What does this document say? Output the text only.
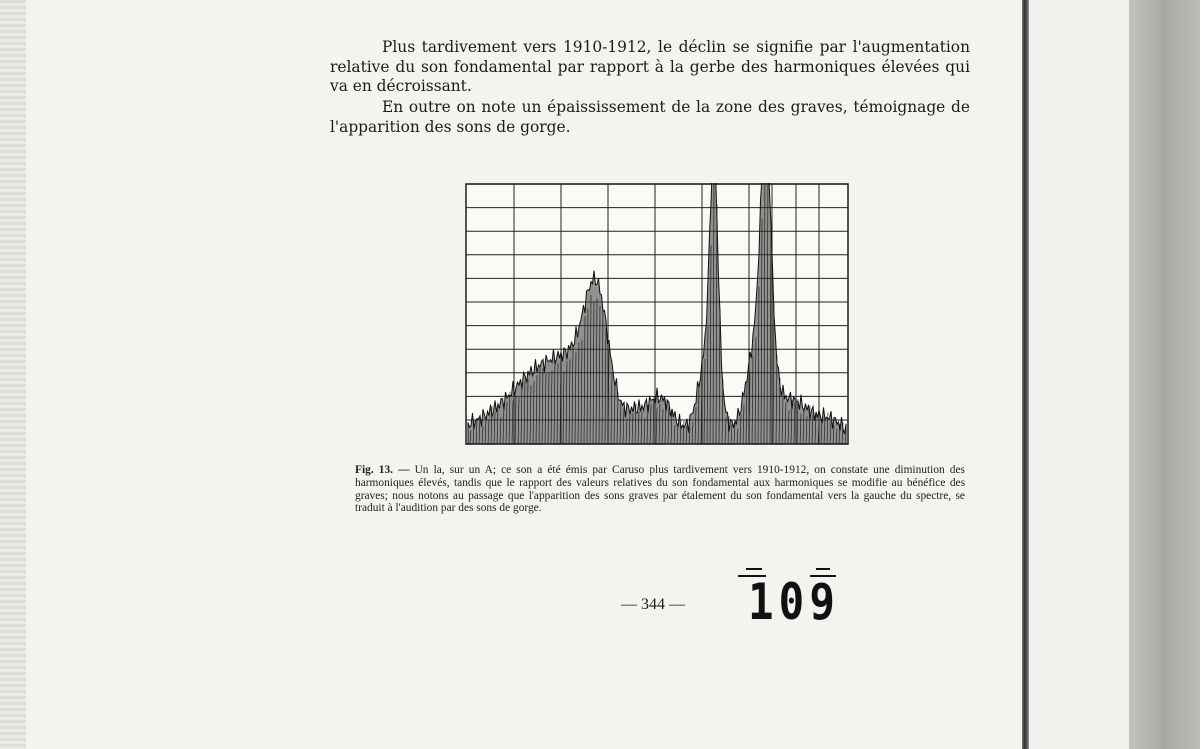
Plus tardivement vers 1910-1912, le déclin se signifie par l'augmentation relative du son fondamental par rapport à la gerbe des harmoniques élevées qui va en décroissant.

En outre on note un épaississement de la zone des graves, témoignage de l'apparition des sons de gorge.

Fig. 13. — Un la, sur un A; ce son a été émis par Caruso plus tardivement vers 1910-1912, on constate une diminution des harmoniques élevés, tandis que le rapport des valeurs relatives du son fondamental aux harmoniques se modifie au bénéfice des graves; nous notons au passage que l'apparition des sons graves par étalement du son fondamental vers la gauche du spectre, se traduit à l'audition par des sons de gorge.

— 344 — 109
